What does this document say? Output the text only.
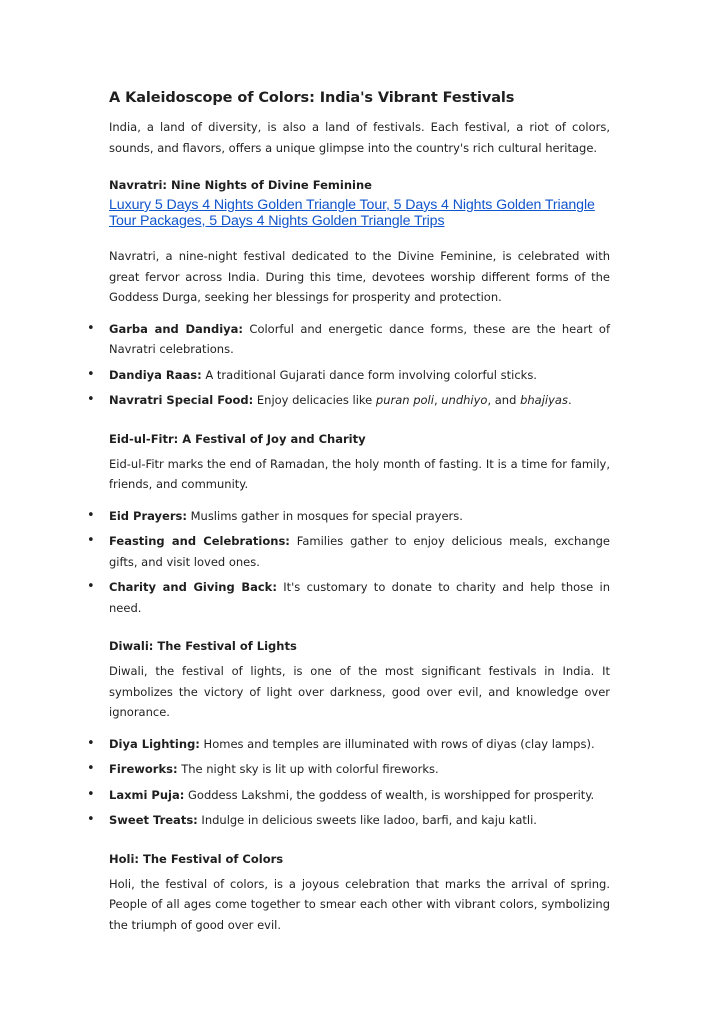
A Kaleidoscope of Colors: India's Vibrant Festivals

India, a land of diversity, is also a land of festivals. Each festival, a riot of colors, sounds, and flavors, offers a unique glimpse into the country's rich cultural heritage.

Navratri: Nine Nights of Divine Feminine
Luxury 5 Days 4 Nights Golden Triangle Tour, 5 Days 4 Nights Golden Triangle Tour Packages, 5 Days 4 Nights Golden Triangle Trips

Navratri, a nine-night festival dedicated to the Divine Feminine, is celebrated with great fervor across India. During this time, devotees worship different forms of the Goddess Durga, seeking her blessings for prosperity and protection.

• Garba and Dandiya: Colorful and energetic dance forms, these are the heart of Navratri celebrations.
• Dandiya Raas: A traditional Gujarati dance form involving colorful sticks.
• Navratri Special Food: Enjoy delicacies like puran poli, undhiyo, and bhajiyas.
Eid-ul-Fitr: A Festival of Joy and Charity

Eid-ul-Fitr marks the end of Ramadan, the holy month of fasting. It is a time for family, friends, and community.

• Eid Prayers: Muslims gather in mosques for special prayers.
• Feasting and Celebrations: Families gather to enjoy delicious meals, exchange gifts, and visit loved ones.
• Charity and Giving Back: It's customary to donate to charity and help those in need.
Diwali: The Festival of Lights

Diwali, the festival of lights, is one of the most significant festivals in India. It symbolizes the victory of light over darkness, good over evil, and knowledge over ignorance.

• Diya Lighting: Homes and temples are illuminated with rows of diyas (clay lamps).
• Fireworks: The night sky is lit up with colorful fireworks.
• Laxmi Puja: Goddess Lakshmi, the goddess of wealth, is worshipped for prosperity.
• Sweet Treats: Indulge in delicious sweets like ladoo, barfi, and kaju katli.
Holi: The Festival of Colors

Holi, the festival of colors, is a joyous celebration that marks the arrival of spring. People of all ages come together to smear each other with vibrant colors, symbolizing the triumph of good over evil.
